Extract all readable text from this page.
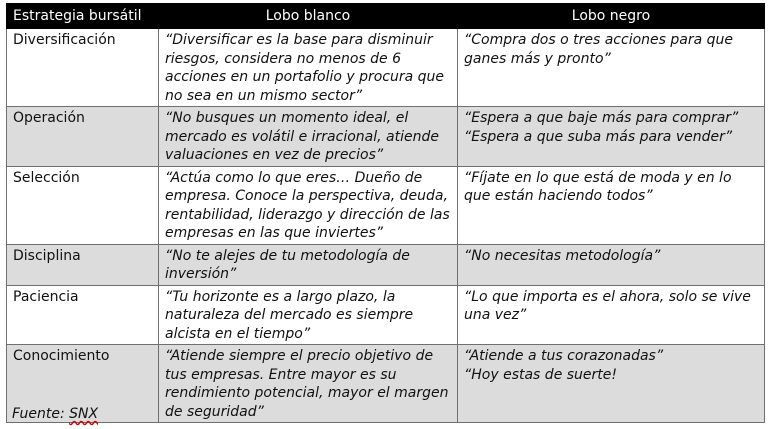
Estrategia bursátil	Lobo blanco	Lobo negro
Diversificación	“Diversificar es la base para disminuir riesgos, considera no menos de 6 acciones en un portafolio y procura que no sea en un mismo sector”	“Compra dos o tres acciones para que ganes más y pronto”

Operación	“No busques un momento ideal, el mercado es volátil e irracional, atiende valuaciones en vez de precios”	“Espera a que baje más para comprar”
“Espera a que suba más para vender”

Selección	“Actúa como lo que eres… Dueño de empresa. Conoce la perspectiva, deuda, rentabilidad, liderazgo y dirección de las empresas en las que inviertes”	“Fíjate en lo que está de moda y en lo que están haciendo todos”

Disciplina	“No te alejes de tu metodología de inversión”	“No necesitas metodología”

Paciencia	“Tu horizonte es a largo plazo, la naturaleza del mercado es siempre alcista en el tiempo”	“Lo que importa es el ahora, solo se vive una vez”

Conocimiento	“Atiende siempre el precio objetivo de tus empresas. Entre mayor es su rendimiento potencial, mayor el margen de seguridad”	“Atiende a tus corazonadas”
“Hoy estas de suerte!
Fuente: SNX
